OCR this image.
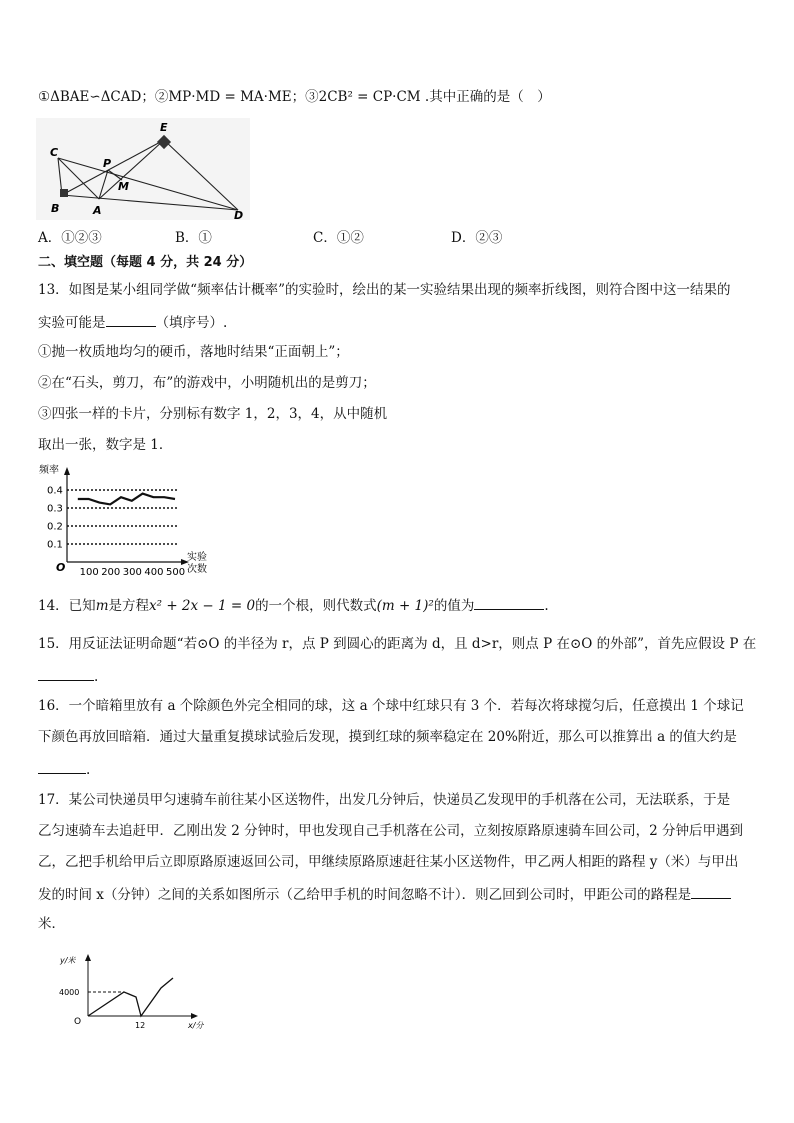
①ΔBAE∽ΔCAD；②MP·MD = MA·ME；③2CB² = CP·CM .其中正确的是（　）
E
C
P
M
B	A	D
A．①②③	B．①	C．①②	D．②③
二、填空题（每题 4 分，共 24 分）
13．如图是某小组同学做“频率估计概率”的实验时，绘出的某一实验结果出现的频率折线图，则符合图中这一结果的
实验可能是	（填序号）.
①抛一枚质地均匀的硬币，落地时结果“正面朝上”；
②在“石头，剪刀，布”的游戏中，小明随机出的是剪刀；
③四张一样的卡片，分别标有数字 1，2，3，4，从中随机
取出一张，数字是 1．
0.4
0.3
0.2
0.1
100 200 300 400 500
频率
O
实验
次数
14．已知m是方程x² + 2x − 1 = 0的一个根，则代数式(m + 1)²的值为	.
15．用反证法证明命题“若⊙O 的半径为 r，点 P 到圆心的距离为 d，且 d>r，则点 P 在⊙O 的外部”，首先应假设 P 在
.
16．一个暗箱里放有 a 个除颜色外完全相同的球，这 a 个球中红球只有 3 个．若每次将球搅匀后，任意摸出 1 个球记
下颜色再放回暗箱．通过大量重复摸球试验后发现，摸到红球的频率稳定在 20%附近，那么可以推算出 a 的值大约是
.
17．某公司快递员甲匀速骑车前往某小区送物件，出发几分钟后，快递员乙发现甲的手机落在公司，无法联系，于是
乙匀速骑车去追赶甲．乙刚出发 2 分钟时，甲也发现自己手机落在公司，立刻按原路原速骑车回公司，2 分钟后甲遇到
乙，乙把手机给甲后立即原路原速返回公司，甲继续原路原速赶往某小区送物件，甲乙两人相距的路程 y（米）与甲出
发的时间 x（分钟）之间的关系如图所示（乙给甲手机的时间忽略不计）．则乙回到公司时，甲距公司的路程是
米．
y/米
4000
O	12	x/分
